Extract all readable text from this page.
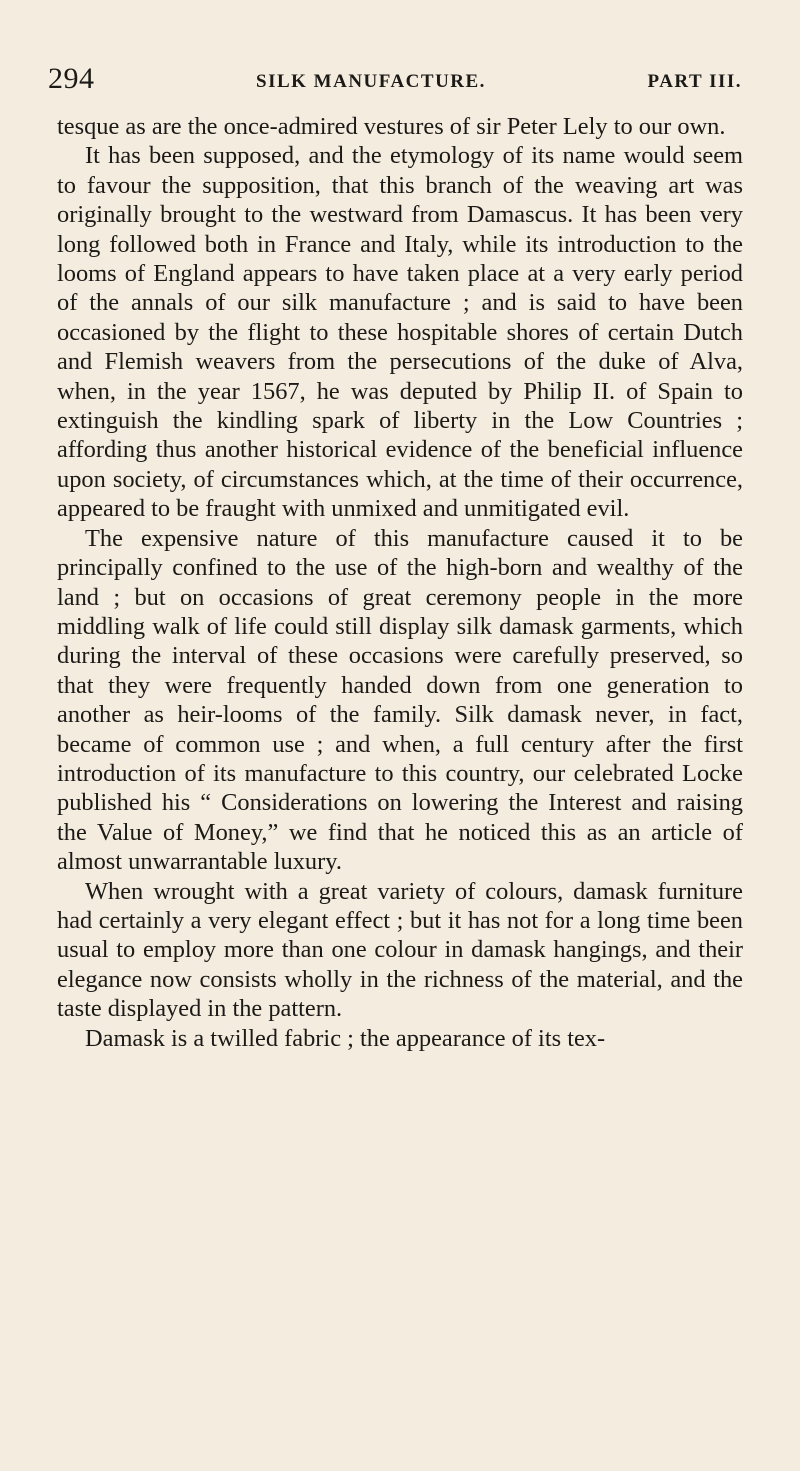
294	SILK MANUFACTURE.	PART III.

tesque as are the once-admired vestures of sir Peter Lely to our own.

It has been supposed, and the etymology of its name would seem to favour the supposition, that this branch of the weaving art was originally brought to the westward from Damascus. It has been very long followed both in France and Italy, while its introduction to the looms of England appears to have taken place at a very early period of the annals of our silk manufacture ; and is said to have been occasioned by the flight to these hospitable shores of certain Dutch and Flemish weavers from the persecutions of the duke of Alva, when, in the year 1567, he was deputed by Philip II. of Spain to extinguish the kindling spark of liberty in the Low Countries ; affording thus another historical evidence of the beneficial influence upon society, of circumstances which, at the time of their occurrence, appeared to be fraught with unmixed and unmitigated evil.

The expensive nature of this manufacture caused it to be principally confined to the use of the high-born and wealthy of the land ; but on occasions of great ceremony people in the more middling walk of life could still display silk damask garments, which during the interval of these occasions were carefully preserved, so that they were frequently handed down from one generation to another as heir-looms of the family. Silk damask never, in fact, became of common use ; and when, a full century after the first introduction of its manufacture to this country, our celebrated Locke published his “ Considerations on lowering the Interest and raising the Value of Money,” we find that he noticed this as an article of almost unwarrantable luxury.

When wrought with a great variety of colours, damask furniture had certainly a very elegant effect ; but it has not for a long time been usual to employ more than one colour in damask hangings, and their elegance now consists wholly in the richness of the material, and the taste displayed in the pattern.

Damask is a twilled fabric ; the appearance of its tex-
